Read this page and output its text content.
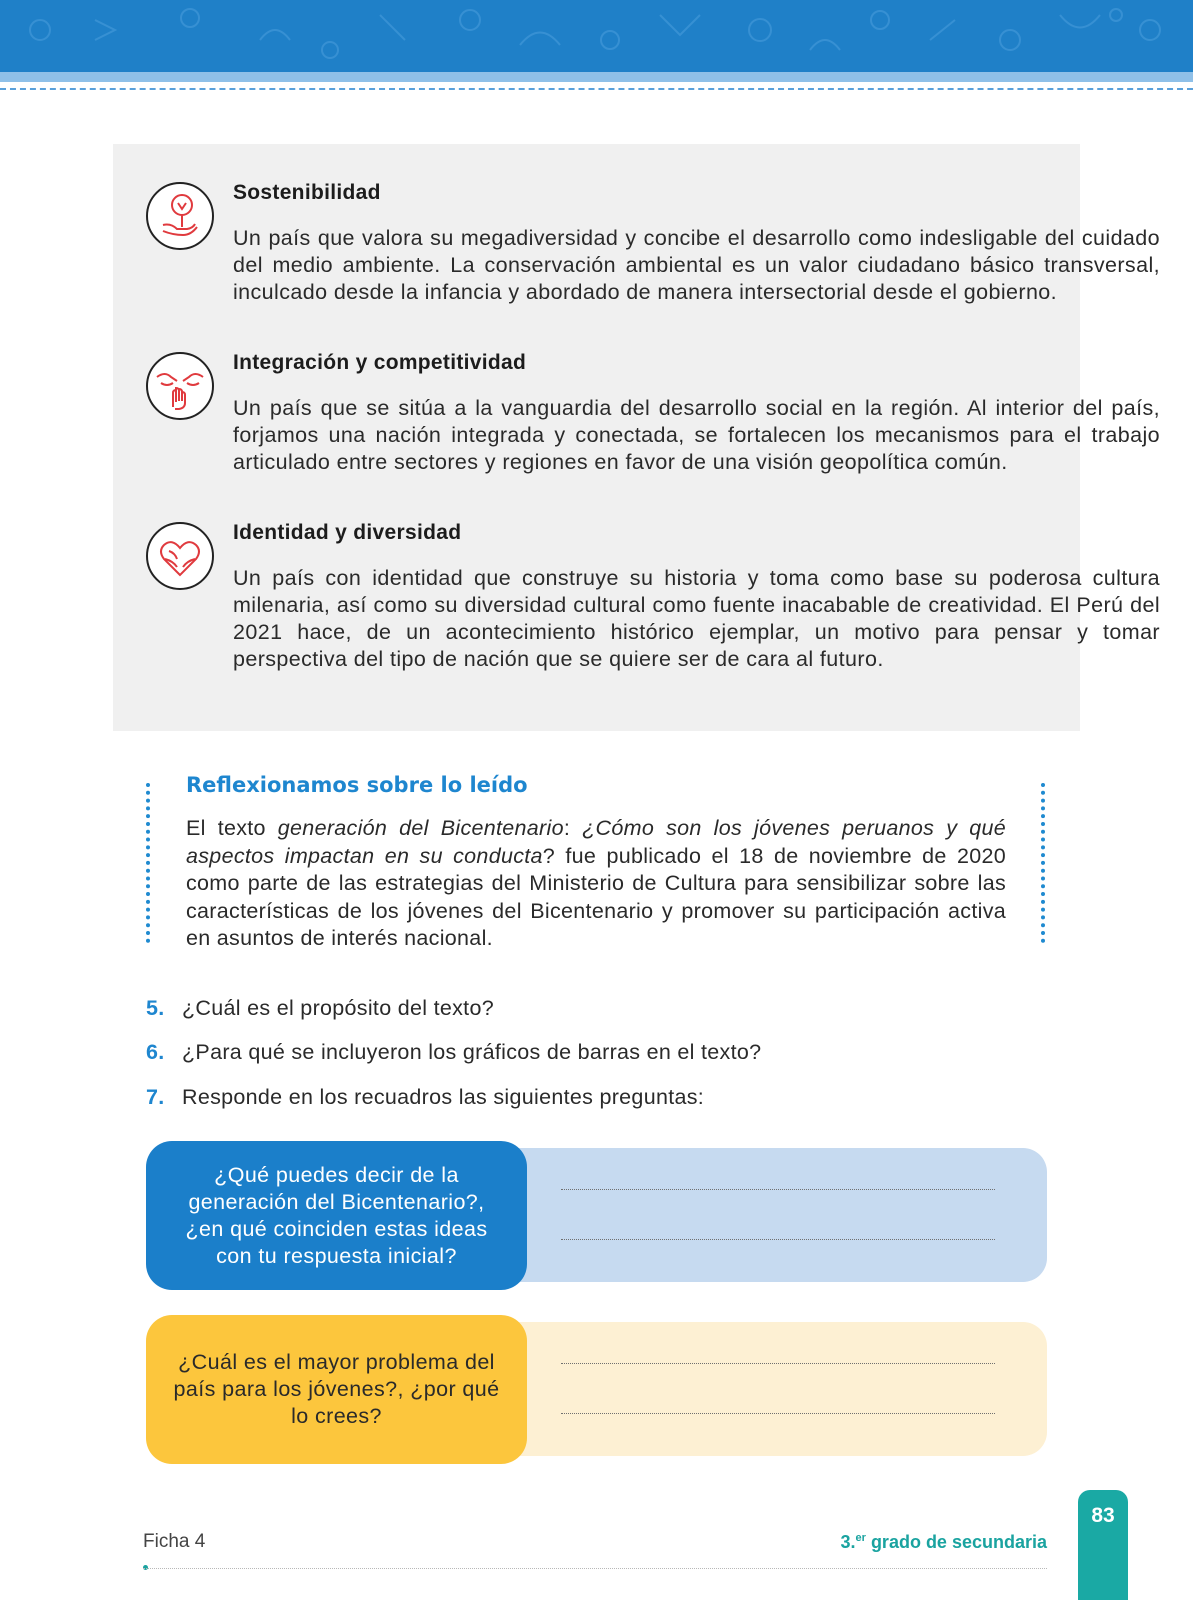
Sostenibilidad
Un país que valora su megadiversidad y concibe el desarrollo como indesligable del cuidado del medio ambiente. La conservación ambiental es un valor ciudadano básico transversal, inculcado desde la infancia y abordado de manera intersectorial desde el gobierno.
Integración y competitividad
Un país que se sitúa a la vanguardia del desarrollo social en la región. Al interior del país, forjamos una nación integrada y conectada, se fortalecen los mecanismos para el trabajo articulado entre sectores y regiones en favor de una visión geopolítica común.
Identidad y diversidad
Un país con identidad que construye su historia y toma como base su poderosa cultura milenaria, así como su diversidad cultural como fuente inacabable de creatividad. El Perú del 2021 hace, de un acontecimiento histórico ejemplar, un motivo para pensar y tomar perspectiva del tipo de nación que se quiere ser de cara al futuro.
Reflexionamos sobre lo leído
El texto generación del Bicentenario: ¿Cómo son los jóvenes peruanos y qué aspectos impactan en su conducta? fue publicado el 18 de noviembre de 2020 como parte de las estrategias del Ministerio de Cultura para sensibilizar sobre las características de los jóvenes del Bicentenario y promover su participación activa en asuntos de interés nacional.
5. ¿Cuál es el propósito del texto?
6. ¿Para qué se incluyeron los gráficos de barras en el texto?
7. Responde en los recuadros las siguientes preguntas:
¿Qué puedes decir de la generación del Bicentenario?, ¿en qué coinciden estas ideas con tu respuesta inicial?
¿Cuál es el mayor problema del país para los jóvenes?, ¿por qué lo crees?
Ficha 4	3.$^{er}$ grado de secundaria
83
